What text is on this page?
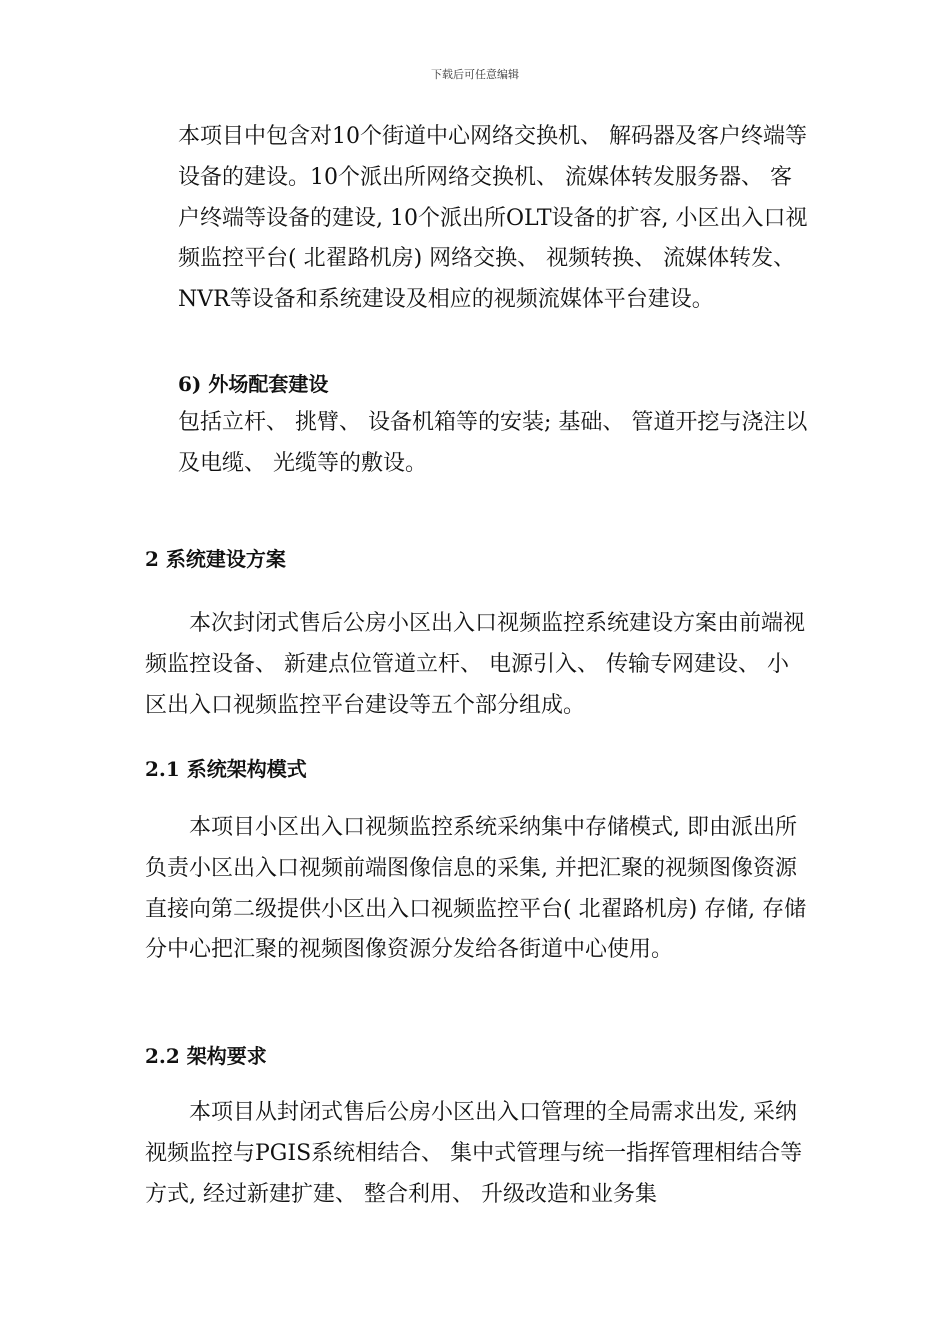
下载后可任意编辑

本项目中包含对10个街道中心网络交换机、 解码器及客户终端等设备的建设。10个派出所网络交换机、 流媒体转发服务器、 客户终端等设备的建设, 10个派出所OLT设备的扩容, 小区出入口视频监控平台( 北翟路机房) 网络交换、 视频转换、 流媒体转发、 NVR等设备和系统建设及相应的视频流媒体平台建设。

6) 外场配套建设

包括立杆、 挑臂、 设备机箱等的安装; 基础、 管道开挖与浇注以及电缆、 光缆等的敷设。

2 系统建设方案

本次封闭式售后公房小区出入口视频监控系统建设方案由前端视频监控设备、 新建点位管道立杆、 电源引入、 传输专网建设、 小区出入口视频监控平台建设等五个部分组成。

2.1 系统架构模式

本项目小区出入口视频监控系统采纳集中存储模式, 即由派出所负责小区出入口视频前端图像信息的采集, 并把汇聚的视频图像资源直接向第二级提供小区出入口视频监控平台( 北翟路机房) 存储, 存储分中心把汇聚的视频图像资源分发给各街道中心使用。

2.2 架构要求

本项目从封闭式售后公房小区出入口管理的全局需求出发, 采纳视频监控与PGIS系统相结合、 集中式管理与统一指挥管理相结合等方式, 经过新建扩建、 整合利用、 升级改造和业务集
